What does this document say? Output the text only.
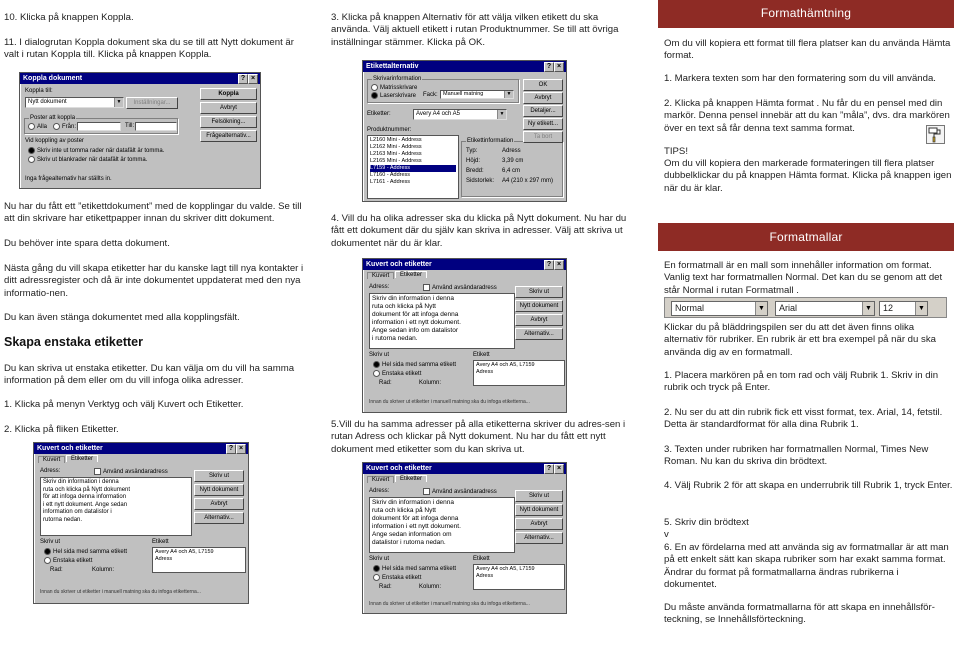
10. Klicka på knappen Koppla.

11. I dialogrutan Koppla dokument ska du se till att Nytt dokument är valt i rutan Koppla till. Klicka på knappen Koppla.

Koppla dokument	? ×
Koppla till:
Nytt dokument	▼	Inställningar...
Poster att koppla
Alla	Från:	Till:
Vid koppling av poster
Skriv inte ut tomma rader när datafält är tomma.
Skriv ut blankrader när datafält är tomma.
Inga frågealternativ har ställts in.
Koppla
Avbryt
Felsökning...
Frågealternativ...

Nu har du fått ett ”etikettdokument” med de kopplingar du valde. Se till att din skrivare har etikettpapper innan du skriver ditt dokument.

Du behöver inte spara detta dokument.

Nästa gång du vill skapa etiketter har du kanske lagt till nya kontakter i ditt adressregister och då är inte dokumentet uppdaterat med den nya informatio-nen.

Du kan även stänga dokumentet med alla kopplingsfält.

Skapa enstaka etiketter

Du kan skriva ut enstaka etiketter. Du kan välja om du vill ha samma information på dem eller om du vill infoga olika adresser.

1. Klicka på menyn Verktyg och välj Kuvert och Etiketter.

2. Klicka på fliken Etiketter.

Kuvert och etiketter	? ×
Kuvert	Etiketter
Adress:	Använd avsändaradress
Skriv din information i denna
ruta och klicka på Nytt dokument
för att infoga denna information
i ett nytt dokument. Ange sedan
information om datalistor i
rutorna nedan.
Skriv ut
Hel sida med samma etikett
Enstaka etikett
Rad:	Kolumn:
Etikett
Avery A4 och A5, L7159
Adress
Skriv ut
Nytt dokument
Avbryt
Alternativ...
Innan du skriver ut etiketter i manuell matning ska du infoga etiketterna...

3. Klicka på knappen Alternativ för att välja vilken etikett du ska använda. Välj aktuell etikett i rutan Produktnummer. Se till att övriga inställningar stämmer. Klicka på OK.

Etikettalternativ	? ×
Skrivarinformation
Matrisskrivare
Laserskrivare Fack: Manuell matning	▼
Etiketter:	Avery A4 och A5	▼
Produktnummer:
L2160 Mini - Address
L2162 Mini - Address
L2163 Mini - Address
L2165 Mini - Address
L7159 - Address
L7160 - Address
L7161 - Address
Etikettinformation
Typ:	Adress
Höjd:	3,39 cm
Bredd:	6,4 cm
Sidstorlek: A4 (210 x 297 mm)
OK
Avbryt
Detaljer...
Ny etikett...
Ta bort

4. Vill du ha olika adresser ska du klicka på Nytt dokument. Nu har du fått ett dokument där du själv kan skriva in adresser. Välj att skriva ut dokumentet när du är klar.

Kuvert och etiketter	? ×
Kuvert	Etiketter
Adress:	Använd avsändaradress
Skriv din information i denna
ruta och klicka på Nytt
dokument för att infoga denna
information i ett nytt dokument.
Ange sedan info om datalistor
i rutorna nedan.
Skriv ut
Hel sida med samma etikett
Enstaka etikett
Rad:	Kolumn:
Etikett
Avery A4 och A5, L7159
Adress
Skriv ut
Nytt dokument
Avbryt
Alternativ...
Innan du skriver ut etiketter i manuell matning ska du infoga etiketterna...

5.Vill du ha samma adresser på alla etiketterna skriver du adres-sen i rutan Adress och klickar på Nytt dokument. Nu har du fått ett nytt dokument med etiketter som du kan skriva ut.

Kuvert och etiketter	? ×
Kuvert	Etiketter
Adress:	Använd avsändaradress
Skriv din information i denna
ruta och klicka på Nytt
dokument för att infoga denna
information i ett nytt dokument.
Ange sedan information om
datalistor i rutorna nedan.
Skriv ut
Hel sida med samma etikett
Enstaka etikett
Rad:	Kolumn:
Etikett
Avery A4 och A5, L7159
Adress
Skriv ut
Nytt dokument
Avbryt
Alternativ...
Innan du skriver ut etiketter i manuell matning ska du infoga etiketterna...
Formathämtning

Om du vill kopiera ett format till flera platser kan du använda Hämta format.

1. Markera texten som har den formatering som du vill använda.

2. Klicka på knappen Hämta format . Nu får du en pensel med din markör. Denna pensel innebär att du kan ”måla”, dvs. dra markören över en text så får denna text samma format.

TIPS!

Om du vill kopiera den markerade formateringen till flera platser dubbelklickar du på knappen Hämta format. Klicka på knappen igen när du är klar.

Formatmallar

En formatmall är en mall som innehåller information om format. Vanlig text har formatmallen Normal. Det kan du se genom att det står Normal i rutan Formatmall .

Normal	▼	Arial	▼	12	▼

Klickar du på bläddringspilen ser du att det även finns olika alternativ för rubriker. En rubrik är ett bra exempel på när du ska använda dig av en formatmall.

1. Placera markören på en tom rad och välj Rubrik 1. Skriv in din rubrik och tryck på Enter.

2. Nu ser du att din rubrik fick ett visst format, tex. Arial, 14, fetstil. Detta är standardformat för alla dina Rubrik 1.

3. Texten under rubriken har formatmallen Normal, Times New Roman. Nu kan du skriva din brödtext.

4. Välj Rubrik 2 för att skapa en underrubrik till Rubrik 1, tryck Enter.

5. Skriv din brödtext

v

6. En av fördelarna med att använda sig av formatmallar är att man på ett enkelt sätt kan skapa rubriker som har exakt samma format. Ändrar du format på formatmallarna ändras rubrikerna i dokumentet.

Du måste använda formatmallarna för att skapa en innehållsför-teckning, se Innehållsförteckning.
